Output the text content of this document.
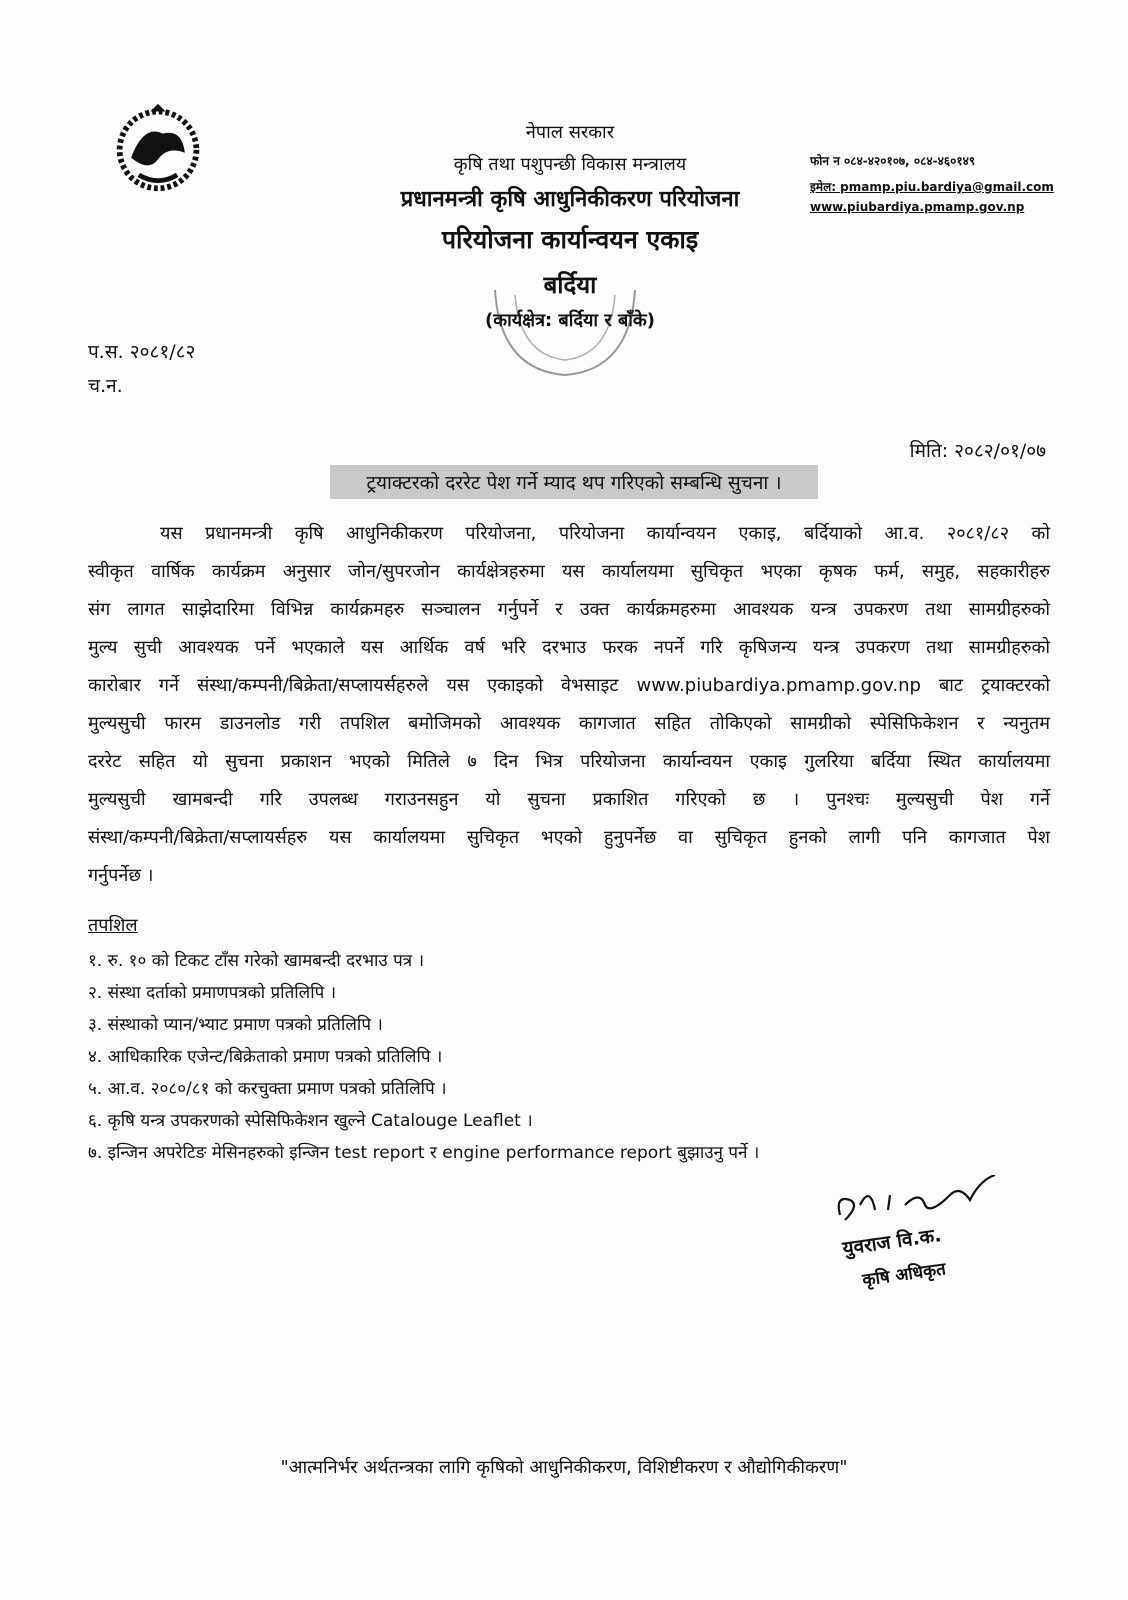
नेपाल सरकार
कृषि तथा पशुपन्छी विकास मन्त्रालय
प्रधानमन्त्री कृषि आधुनिकीकरण परियोजना
परियोजना कार्यान्वयन एकाइ
बर्दिया
(कार्यक्षेत्र: बर्दिया र बाँके)
फोन न ०८४-४२०१०७, ०८४-४६०१४९
इमेल: pmamp.piu.bardiya@gmail.com
www.piubardiya.pmamp.gov.np
प.स. २०८१/८२
च.न.
मिति: २०८२/०१/०७
ट्रयाक्टरको दररेट पेश गर्ने म्याद थप गरिएको सम्बन्धि सुचना ।
यस प्रधानमन्त्री कृषि आधुनिकीकरण परियोजना, परियोजना कार्यान्वयन एकाइ, बर्दियाको आ.व. २०८१/८२ को
स्वीकृत वार्षिक कार्यक्रम अनुसार जोन/सुपरजोन कार्यक्षेत्रहरुमा यस कार्यालयमा सुचिकृत भएका कृषक फर्म, समुह, सहकारीहरु
संग लागत साझेदारिमा विभिन्न कार्यक्रमहरु सञ्चालन गर्नुपर्ने र उक्त कार्यक्रमहरुमा आवश्यक यन्त्र उपकरण तथा सामग्रीहरुको
मुल्य सुची आवश्यक पर्ने भएकाले यस आर्थिक वर्ष भरि दरभाउ फरक नपर्ने गरि कृषिजन्य यन्त्र उपकरण तथा सामग्रीहरुको
कारोबार गर्ने संस्था/कम्पनी/बिक्रेता/सप्लायर्सहरुले यस एकाइको वेभसाइट www.piubardiya.pmamp.gov.np बाट ट्रयाक्टरको
मुल्यसुची फारम डाउनलोड गरी तपशिल बमोजिमको आवश्यक कागजात सहित तोकिएको सामग्रीको स्पेसिफिकेशन र न्यनुतम
दररेट सहित यो सुचना प्रकाशन भएको मितिले ७ दिन भित्र परियोजना कार्यान्वयन एकाइ गुलरिया बर्दिया स्थित कार्यालयमा
मुल्यसुची खामबन्दी गरि उपलब्ध गराउनसहुन यो सुचना प्रकाशित गरिएको छ । पुनश्चः मुल्यसुची पेश गर्ने
संस्था/कम्पनी/बिक्रेता/सप्लायर्सहरु यस कार्यालयमा सुचिकृत भएको हुनुपर्नेछ वा सुचिकृत हुनको लागी पनि कागजात पेश
गर्नुपर्नेछ ।
तपशिल
१. रु. १० को टिकट टाँस गरेको खामबन्दी दरभाउ पत्र ।
२. संस्था दर्ताको प्रमाणपत्रको प्रतिलिपि ।
३. संस्थाको प्यान/भ्याट प्रमाण पत्रको प्रतिलिपि ।
४. आधिकारिक एजेन्ट/बिक्रेताको प्रमाण पत्रको प्रतिलिपि ।
५. आ.व. २०८०/८१ को करचुक्ता प्रमाण पत्रको प्रतिलिपि ।
६. कृषि यन्त्र उपकरणको स्पेसिफिकेशन खुल्ने Catalouge Leaflet ।
७. इन्जिन अपरेटिङ मेसिनहरुको इन्जिन test report र engine performance report बुझाउनु पर्ने ।
युवराज वि.क.
कृषि अधिकृत
"आत्मनिर्भर अर्थतन्त्रका लागि कृषिको आधुनिकीकरण, विशिष्टीकरण र औद्योगिकीकरण"
